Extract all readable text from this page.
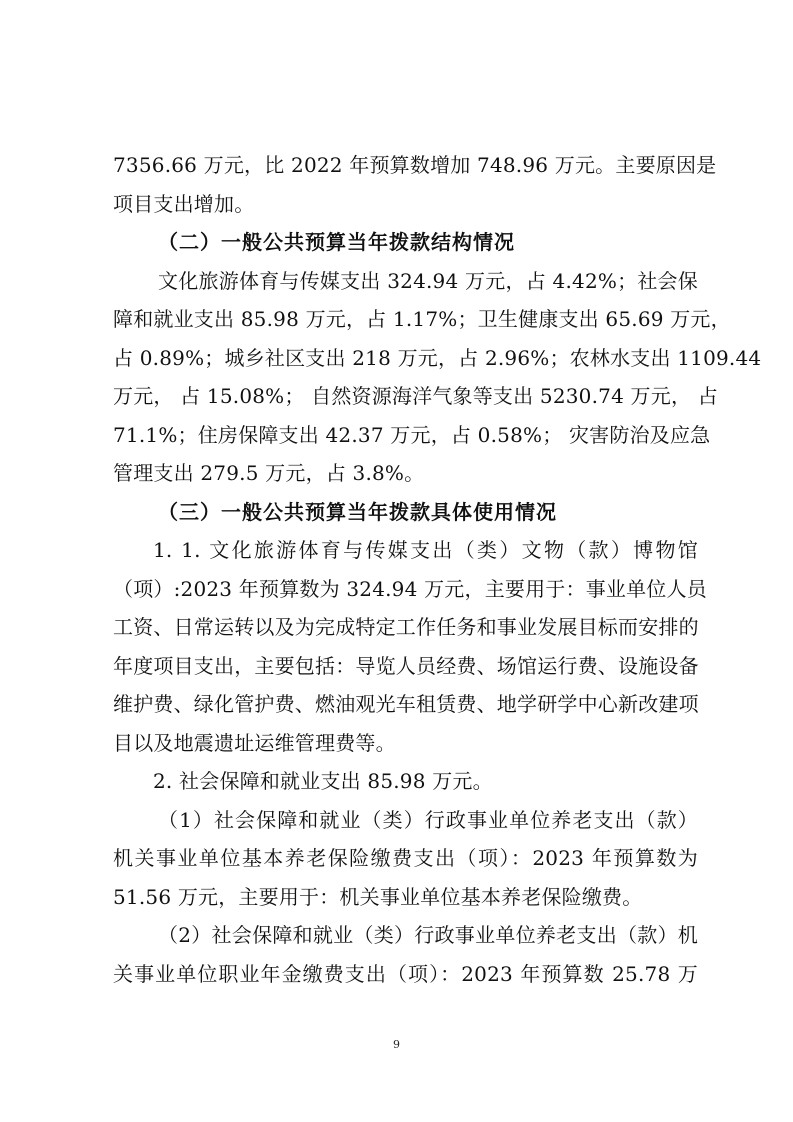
7356.66 万元，比 2022 年预算数增加 748.96 万元。主要原因是
项目支出增加。
（二）一般公共预算当年拨款结构情况
文化旅游体育与传媒支出 324.94 万元，占 4.42%；社会保
障和就业支出 85.98 万元，占 1.17%；卫生健康支出 65.69 万元，
占 0.89%；城乡社区支出 218 万元，占 2.96%；农林水支出 1109.44
万元， 占 15.08%； 自然资源海洋气象等支出 5230.74 万元， 占
71.1%；住房保障支出 42.37 万元，占 0.58%； 灾害防治及应急
管理支出 279.5 万元，占 3.8%。
（三）一般公共预算当年拨款具体使用情况
1. 1. 文化旅游体育与传媒支出（类）文物（款）博物馆
（项）:2023 年预算数为 324.94 万元，主要用于：事业单位人员
工资、日常运转以及为完成特定工作任务和事业发展目标而安排的
年度项目支出，主要包括：导览人员经费、场馆运行费、设施设备
维护费、绿化管护费、燃油观光车租赁费、地学研学中心新改建项
目以及地震遗址运维管理费等。
2. 社会保障和就业支出 85.98 万元。
（1）社会保障和就业（类）行政事业单位养老支出（款）
机关事业单位基本养老保险缴费支出（项）：2023 年预算数为
51.56 万元，主要用于：机关事业单位基本养老保险缴费。
（2）社会保障和就业（类）行政事业单位养老支出（款）机
关事业单位职业年金缴费支出（项）：2023 年预算数 25.78 万
9
